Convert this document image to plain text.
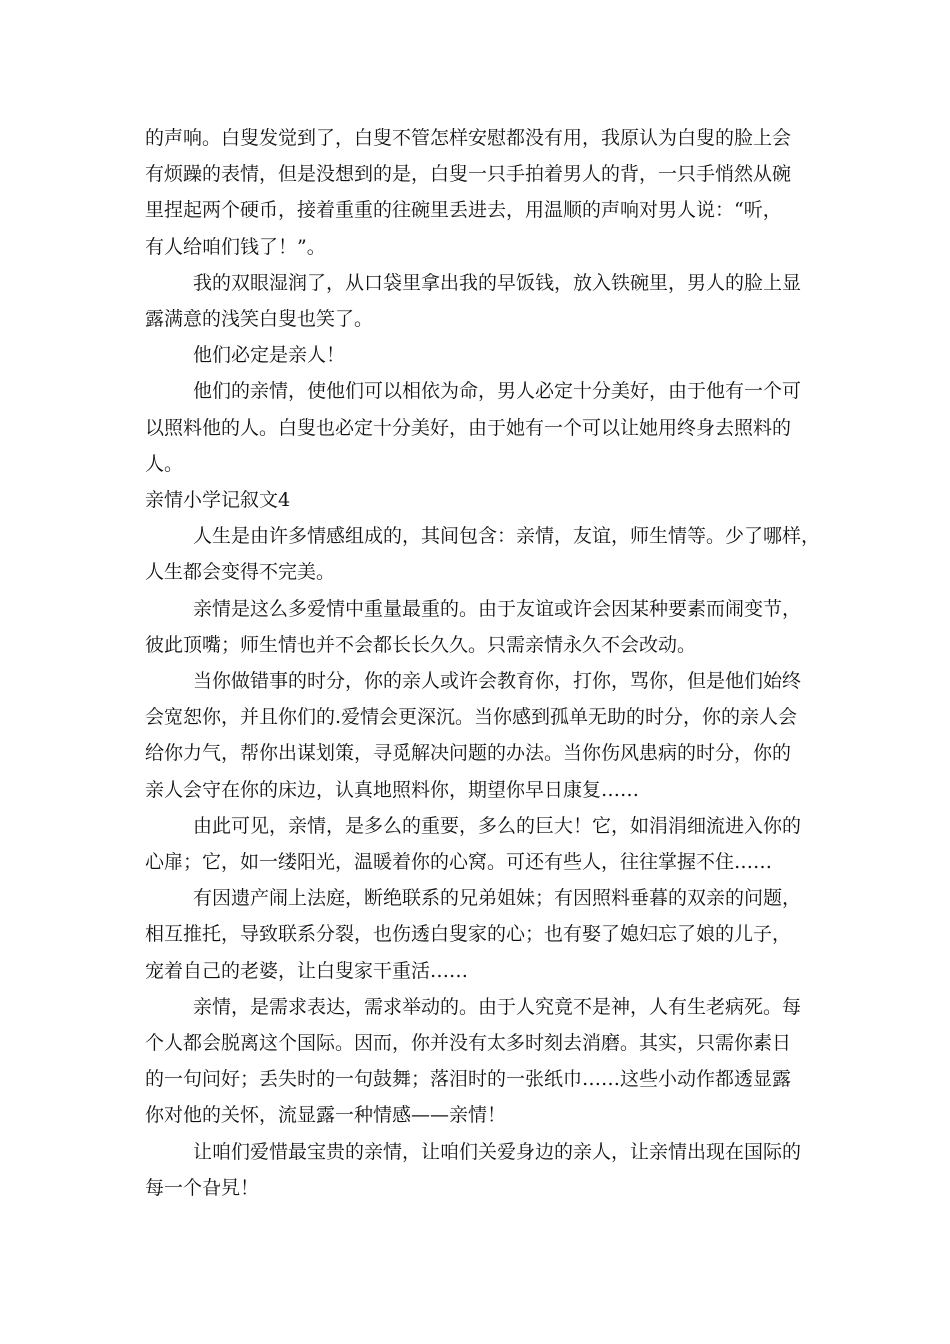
的声响。白叟发觉到了，白叟不管怎样安慰都没有用，我原认为白叟的脸上会
有烦躁的表情，但是没想到的是，白叟一只手拍着男人的背，一只手悄然从碗
里捏起两个硬币，接着重重的往碗里丢进去，用温顺的声响对男人说：“听，
有人给咱们钱了！”。
我的双眼湿润了，从口袋里拿出我的早饭钱，放入铁碗里，男人的脸上显
露满意的浅笑白叟也笑了。
他们必定是亲人！
他们的亲情，使他们可以相依为命，男人必定十分美好，由于他有一个可
以照料他的人。白叟也必定十分美好，由于她有一个可以让她用终身去照料的
人。
亲情小学记叙文4
人生是由许多情感组成的，其间包含：亲情，友谊，师生情等。少了哪样，
人生都会变得不完美。
亲情是这么多爱情中重量最重的。由于友谊或许会因某种要素而闹变节，
彼此顶嘴；师生情也并不会都长长久久。只需亲情永久不会改动。
当你做错事的时分，你的亲人或许会教育你，打你，骂你，但是他们始终
会宽恕你，并且你们的.爱情会更深沉。当你感到孤单无助的时分，你的亲人会
给你力气，帮你出谋划策，寻觅解决问题的办法。当你伤风患病的时分，你的
亲人会守在你的床边，认真地照料你，期望你早日康复……
由此可见，亲情，是多么的重要，多么的巨大！它，如涓涓细流进入你的
心扉；它，如一缕阳光，温暖着你的心窝。可还有些人，往往掌握不住……
有因遗产闹上法庭，断绝联系的兄弟姐妹；有因照料垂暮的双亲的问题，
相互推托，导致联系分裂，也伤透白叟家的心；也有娶了媳妇忘了娘的儿子，
宠着自己的老婆，让白叟家干重活……
亲情，是需求表达，需求举动的。由于人究竟不是神，人有生老病死。每
个人都会脱离这个国际。因而，你并没有太多时刻去消磨。其实，只需你素日
的一句问好；丢失时的一句鼓舞；落泪时的一张纸巾……这些小动作都透显露
你对他的关怀，流显露一种情感——亲情！
让咱们爱惜最宝贵的亲情，让咱们关爱身边的亲人，让亲情出现在国际的
每一个旮旯！
